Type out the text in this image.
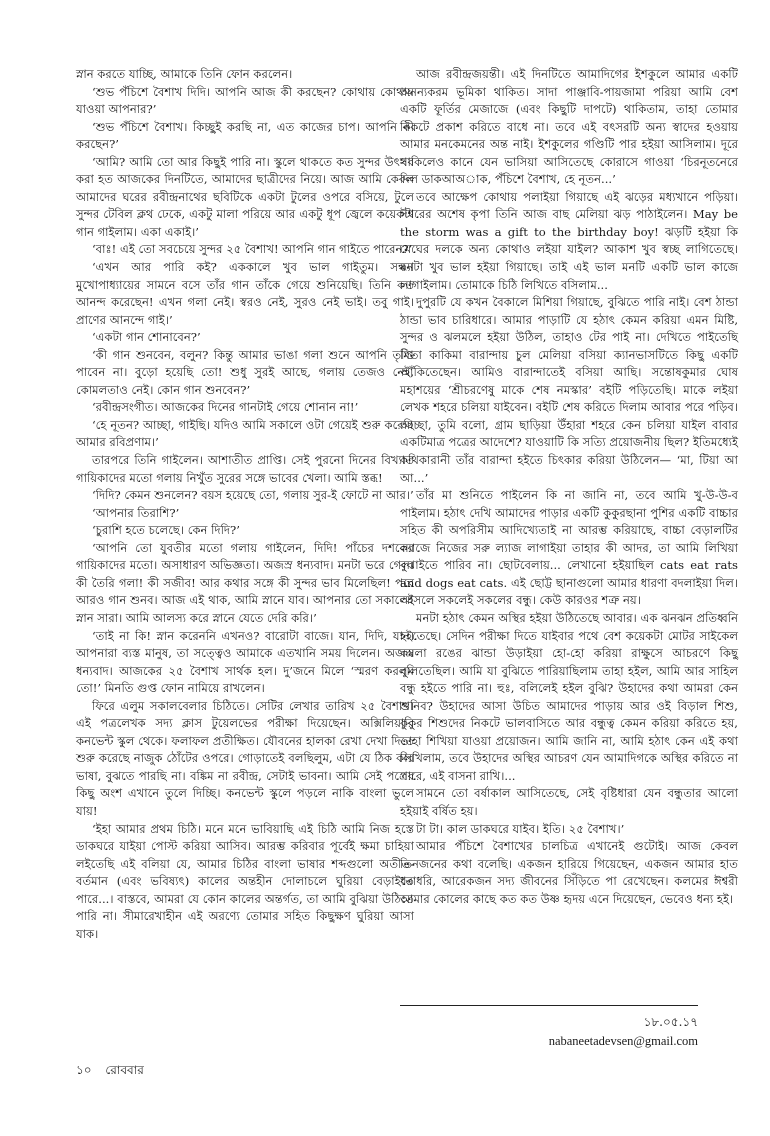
স্নান করতে যাচ্ছি, আমাকে তিনি ফোন করলেন।

‘শুভ পঁচিশে বৈশাখ দিদি। আপনি আজ কী করছেন? কোথায় কোথায় যাওয়া আপনার?’

‘শুভ পঁচিশে বৈশাখ। কিচ্ছুই করছি না, এত কাজের চাপ। আপনি কী করছেন?’

‘আমি? আমি তো আর কিছুই পারি না। স্কুলে থাকতে কত সুন্দর উৎসব করা হত আজকের দিনটিতে, আমাদের ছাত্রীদের নিয়ে। আজ আমি কেবল আমাদের ঘরের রবীন্দ্রনাথের ছবিটিকে একটা টুলের ওপরে বসিয়ে, টুলে সুন্দর টেবিল ক্লথ ঢেকে, একটু মালা পরিয়ে আর একটু ধূপ জ্বেলে কয়েকটা গান গাইলাম। একা একাই।’

‘বাঃ! এই তো সবচেয়ে সুন্দর ২৫ বৈশাখ! আপনি গান গাইতে পারেন?’

‘এখন আর পারি কই? এককালে খুব ভাল গাইতুম। সন্ধ্যা মুখোপাধ্যায়ের সামনে বসে তাঁর গান তাঁকে গেয়ে শুনিয়েছি। তিনি কত আনন্দ করেছেন! এখন গলা নেই। স্বরও নেই, সুরও নেই ভাই। তবু গাই। প্রাণের আনন্দে গাই।’

‘একটা গান শোনাবেন?’

‘কী গান শুনবেন, বলুন? কিন্তু আমার ভাঙা গলা শুনে আপনি তৃপ্তি পাবেন না। বুড়ো হয়েছি তো! শুধু সুরই আছে, গলায় তেজও নেই, কোমলতাও নেই। কোন গান শুনবেন?’

‘রবীন্দ্রসংগীত। আজকের দিনের গানটাই গেয়ে শোনান না!’

‘হে নূতন? আচ্ছা, গাইছি। যদিও আমি সকালে ওটা গেয়েই শুরু করেছি আমার রবিপ্রণাম।’

তারপরে তিনি গাইলেন। আশাতীত প্রাপ্তি। সেই পুরনো দিনের বিখ্যাত গায়িকাদের মতো গলায় নিখুঁত সুরের সঙ্গে ভাবের খেলা। আমি স্তব্ধ!

‘দিদি? কেমন শুনলেন? বয়স হয়েছে তো, গলায় সুর-ই ফোটে না আর।’

‘আপনার তিরাশি?’

‘চুরাশি হতে চলেছে। কেন দিদি?’

‘আপনি তো যুবতীর মতো গলায় গাইলেন, দিদি! পাঁচের দশকের গায়িকাদের মতো। অসাধারণ অভিজ্ঞতা। অজস্র ধন্যবাদ। মনটা ভরে গেল। কী তৈরি গলা! কী সজীব! আর কথার সঙ্গে কী সুন্দর ভাব মিলেছিল! পরে আরও গান শুনব। আজ এই থাক, আমি স্নানে যাব। আপনার তো সকালেই স্নান সারা। আমি আলস্য করে স্নানে যেতে দেরি করি।’

‘তাই না কি! স্নান করেননি এখনও? বারোটা বাজে। যান, দিদি, যান। আপনারা ব্যস্ত মানুষ, তা সত্ত্বেও আমাকে এতখানি সময় দিলেন। অজস্র ধন্যবাদ। আজকের ২৫ বৈশাখ সার্থক হল। দু’জনে মিলে ‘স্মরণ করলুম তো!’ মিনতি গুপ্ত ফোন নামিয়ে রাখলেন।

ফিরে এলুম সকালবেলার চিঠিতে। সেটির লেখার তারিখ ২৫ বৈশাখ। এই পত্রলেখক সদ্য ক্লাস টুয়েলভের পরীক্ষা দিয়েছেন। অক্সিলিয়ারি কনভেন্ট স্কুল থেকে। ফলাফল প্রতীক্ষিত। যৌবনের হালকা রেখা দেখা দিতে শুরু করেছে নাজুক ঠোঁটের ওপরে। গোড়াতেই বলছিলুম, এটা যে ঠিক কার ভাষা, বুঝতে পারছি না। বঙ্কিম না রবীন্দ্র, সেটাই ভাবনা। আমি সেই পত্রের কিছু অংশ এখানে তুলে দিচ্ছি। কনভেন্ট স্কুলে পড়লে নাকি বাংলা ভুলে যায়!

‘ইহা আমার প্রথম চিঠি। মনে মনে ভাবিয়াছি এই চিঠি আমি নিজ হস্তে ডাকঘরে যাইয়া পোস্ট করিয়া আসিব। আরম্ভ করিবার পূর্বেই ক্ষমা চাহিয়া লইতেছি এই বলিয়া যে, আমার চিঠির বাংলা ভাষার শব্দগুলো অতীত-বর্তমান (এবং ভবিষ্যৎ) কালের অন্তহীন দোলাচলে ঘুরিয়া বেড়াইতে পারে...। বাস্তবে, আমরা যে কোন কালের অন্তর্গত, তা আমি বুঝিয়া উঠিতে পারি না। সীমারেখাহীন এই অরণ্যে তোমার সহিত কিছুক্ষণ ঘুরিয়া আসা যাক।

আজ রবীন্দ্রজয়ন্তী। এই দিনটিতে আমাদিগের ইশকুলে আমার একটি অনন্যকরম ভূমিকা থাকিত। সাদা পাঞ্জাবি-পায়জামা পরিয়া আমি বেশ একটি ফূর্তির মেজাজে (এবং কিছুটি দাপটে) থাকিতাম, তাহা তোমার নিকটে প্রকাশ করিতে বাধে না। তবে এই বৎসরটি অন্য স্বাদের হওয়ায় আমার মনকেমনের অন্ত নাই। ইশকুলের গণ্ডিটি পার হইয়া আসিলাম। দূরে থাকিলেও কানে যেন ভাসিয়া আসিতেছে কোরাসে গাওয়া ‘চিরনূতনেরে দিল ডাকআঅাক, পঁচিশে বৈশাখ, হে নূতন...’

তবে আক্ষেপ কোথায় পলাইয়া গিয়াছে এই ঝড়ের মধ্যখানে পড়িয়া। ঈশ্বরের অশেষ কৃপা তিনি আজ বাছ মেলিয়া ঝড় পাঠাইলেন। May be the storm was a gift to the birthday boy! ঝড়টি হইয়া কি মেঘের দলকে অন্য কোথাও লইয়া যাইল? আকাশ খুব স্বচ্ছ লাগিতেছে। মনটা খুব ভাল হইয়া গিয়াছে। তাই এই ভাল মনটি একটি ভাল কাজে লাগাইলাম। তোমাকে চিঠি লিখিতে বসিলাম...

দুপুরটি যে কখন বৈকালে মিশিয়া গিয়াছে, বুঝিতে পারি নাই। বেশ ঠান্ডা ঠান্ডা ভাব চারিধারে। আমার পাড়াটি যে হঠাৎ কেমন করিয়া এমন মিষ্টি, সুন্দর ও ঝলমলে হইয়া উঠিল, তাহাও টের পাই না। দেখিতে পাইতেছি মিতা কাকিমা বারান্দায় চুল মেলিয়া বসিয়া ক্যানভাসটিতে কিছু একটি আঁকিতেছেন। আমিও বারান্দাতেই বসিয়া আছি। সন্তোষকুমার ঘোষ মহাশয়ের ‘শ্রীচরণেষু মাকে শেষ নমস্কার’ বইটি পড়িতেছি। মাকে লইয়া লেখক শহরে চলিয়া যাইবেন। বইটি শেষ করিতে দিলাম আবার পরে পড়িব। আচ্ছা, তুমি বলো, গ্রাম ছাড়িয়া উঁহারা শহরে কেন চলিয়া যাইল বাবার একটিমাত্র পত্রের আদেশে? যাওয়াটি কি সত্যি প্রয়োজনীয় ছিল? ইতিমধ্যেই কথিকারানী তাঁর বারান্দা হইতে চিৎকার করিয়া উঠিলেন— ‘মা, টিয়া আ আ...’

তাঁর মা শুনিতে পাইলেন কি না জানি না, তবে আমি খু-উ-উ-ব পাইলাম। হঠাৎ দেখি আমাদের পাড়ার একটি কুকুরছানা পুশির একটি বাচ্চার সহিত কী অপরিসীম আদিখ্যেতাই না আরম্ভ করিয়াছে, বাচ্চা বেড়ালটির ল্যাজে নিজের সরু ল্যাজ লাগাইয়া তাহার কী আদর, তা আমি লিখিয়া বুঝাইতে পারিব না। ছোটবেলায়... লেখানো হইয়াছিল cats eat rats and dogs eat cats. এই ছোট্ট ছানাগুলো আমার ধারণা বদলাইয়া দিল। আসলে সকলেই সকলের বন্ধু। কেউ কারওর শত্রু নয়।

মনটা হঠাৎ কেমন অস্থির হইয়া উঠিতেছে আবার। এক ঝনঝন প্রতিধ্বনি হইতেছে। সেদিন পরীক্ষা দিতে যাইবার পথে বেশ কয়েকটা মোটর সাইকেল কমলা রঙের ঝান্ডা উড়াইয়া হো-হো করিয়া রাক্ষুসে আচরণে কিছু বলিতেছিল। আমি যা বুঝিতে পারিয়াছিলাম তাহা হইল, আমি আর সাহিল বন্ধু হইতে পারি না। হুঃ, বলিলেই হইল বুঝি? উহাদের কথা আমরা কেন শুনিব? উহাদের আসা উচিত আমাদের পাড়ায় আর ওই বিড়াল শিশু, কুকুর শিশুদের নিকটে ভালবাসিতে আর বন্ধুত্ব কেমন করিয়া করিতে হয়, তাহা শিখিয়া যাওয়া প্রয়োজন। আমি জানি না, আমি হঠাৎ কেন এই কথা লিখিলাম, তবে উহাদের অস্থির আচরণ যেন আমাদিগকে অস্থির করিতে না পারে, এই বাসনা রাখি।...

সামনে তো বর্ষাকাল আসিতেছে, সেই বৃষ্টিধারা যেন বন্ধুতার আলো হইয়াই বর্ষিত হয়।

টা টা। কাল ডাকঘরে যাইব। ইতি। ২৫ বৈশাখ।’

আমার পঁচিশে বৈশাখের চালচিত্র এখানেই গুটোই। আজ কেবল তিনজনের কথা বলেছি। একজন হারিয়ে গিয়েছেন, একজন আমার হাত ধরাধরি, আরেকজন সদ্য জীবনের সিঁড়িতে পা রেখেছেন। কলমের ঈশ্বরী আমার কোলের কাছে কত কত উষ্ণ হৃদয় এনে দিয়েছেন, ভেবেও ধন্য হই।

১৮.০৫.১৭
nabaneetadevsen@gmail.com
১০ রোববার
